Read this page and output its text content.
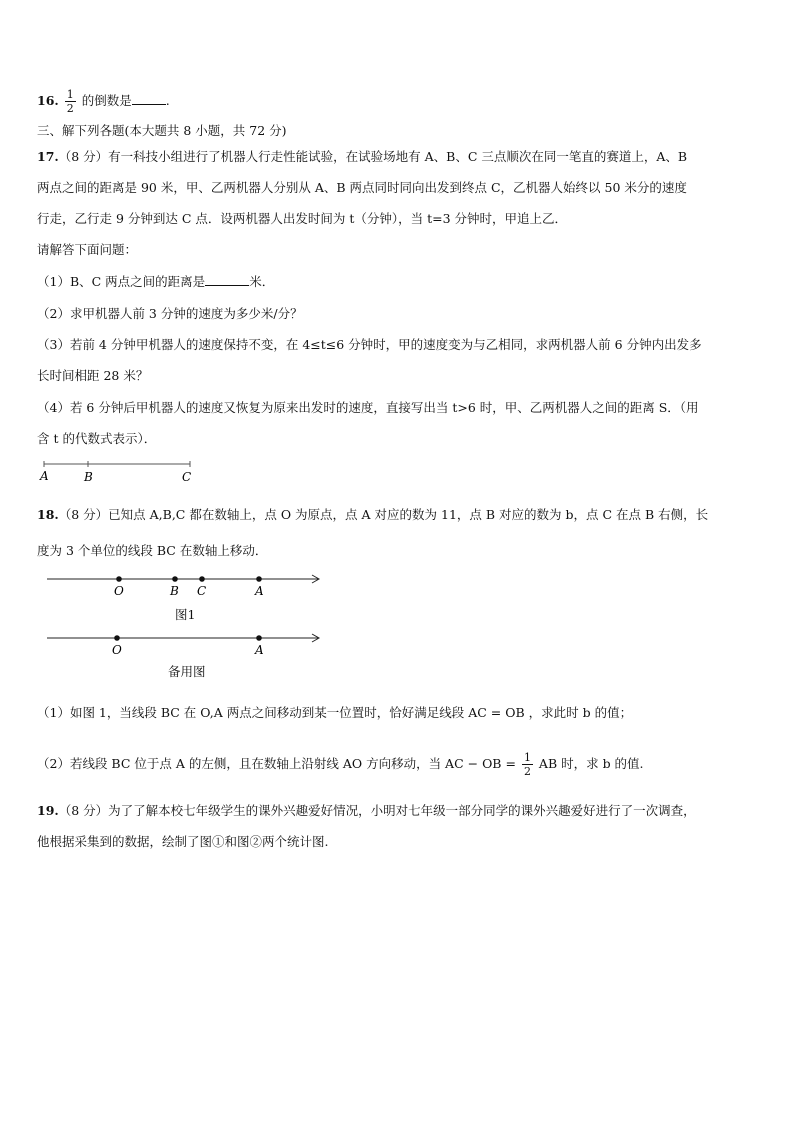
16. $\frac{1}{2}$ 的倒数是	.
三、解下列各题(本大题共 8 小题，共 72 分)
17.（8 分）有一科技小组进行了机器人行走性能试验，在试验场地有 A、B、C 三点顺次在同一笔直的赛道上，A、B
两点之间的距离是 90 米，甲、乙两机器人分别从 A、B 两点同时同向出发到终点 C，乙机器人始终以 50 米分的速度
行走，乙行走 9 分钟到达 C 点．设两机器人出发时间为 t（分钟），当 t=3 分钟时，甲追上乙．
请解答下面问题：
（1）B、C 两点之间的距离是	米．
（2）求甲机器人前 3 分钟的速度为多少米/分？
（3）若前 4 分钟甲机器人的速度保持不变，在 4≤t≤6 分钟时，甲的速度变为与乙相同，求两机器人前 6 分钟内出发多
长时间相距 28 米？
（4）若 6 分钟后甲机器人的速度又恢复为原来出发时的速度，直接写出当 t>6 时，甲、乙两机器人之间的距离 S．（用
含 t 的代数式表示）．
A	B	C
18.（8 分）已知点 A,B,C 都在数轴上，点 O 为原点，点 A 对应的数为 11，点 B 对应的数为 b，点 C 在点 B 右侧，长
度为 3 个单位的线段 BC 在数轴上移动．
O	B C	A
图1
O	A
备用图
（1）如图 1，当线段 BC 在 O,A 两点之间移动到某一位置时，恰好满足线段 AC = OB ，求此时 b 的值；
（2）若线段 BC 位于点 A 的左侧，且在数轴上沿射线 AO 方向移动，当 AC − OB = $\frac{1}{2}$ AB 时，求 b 的值.
19.（8 分）为了了解本校七年级学生的课外兴趣爱好情况，小明对七年级一部分同学的课外兴趣爱好进行了一次调查，
他根据采集到的数据，绘制了图①和图②两个统计图.
